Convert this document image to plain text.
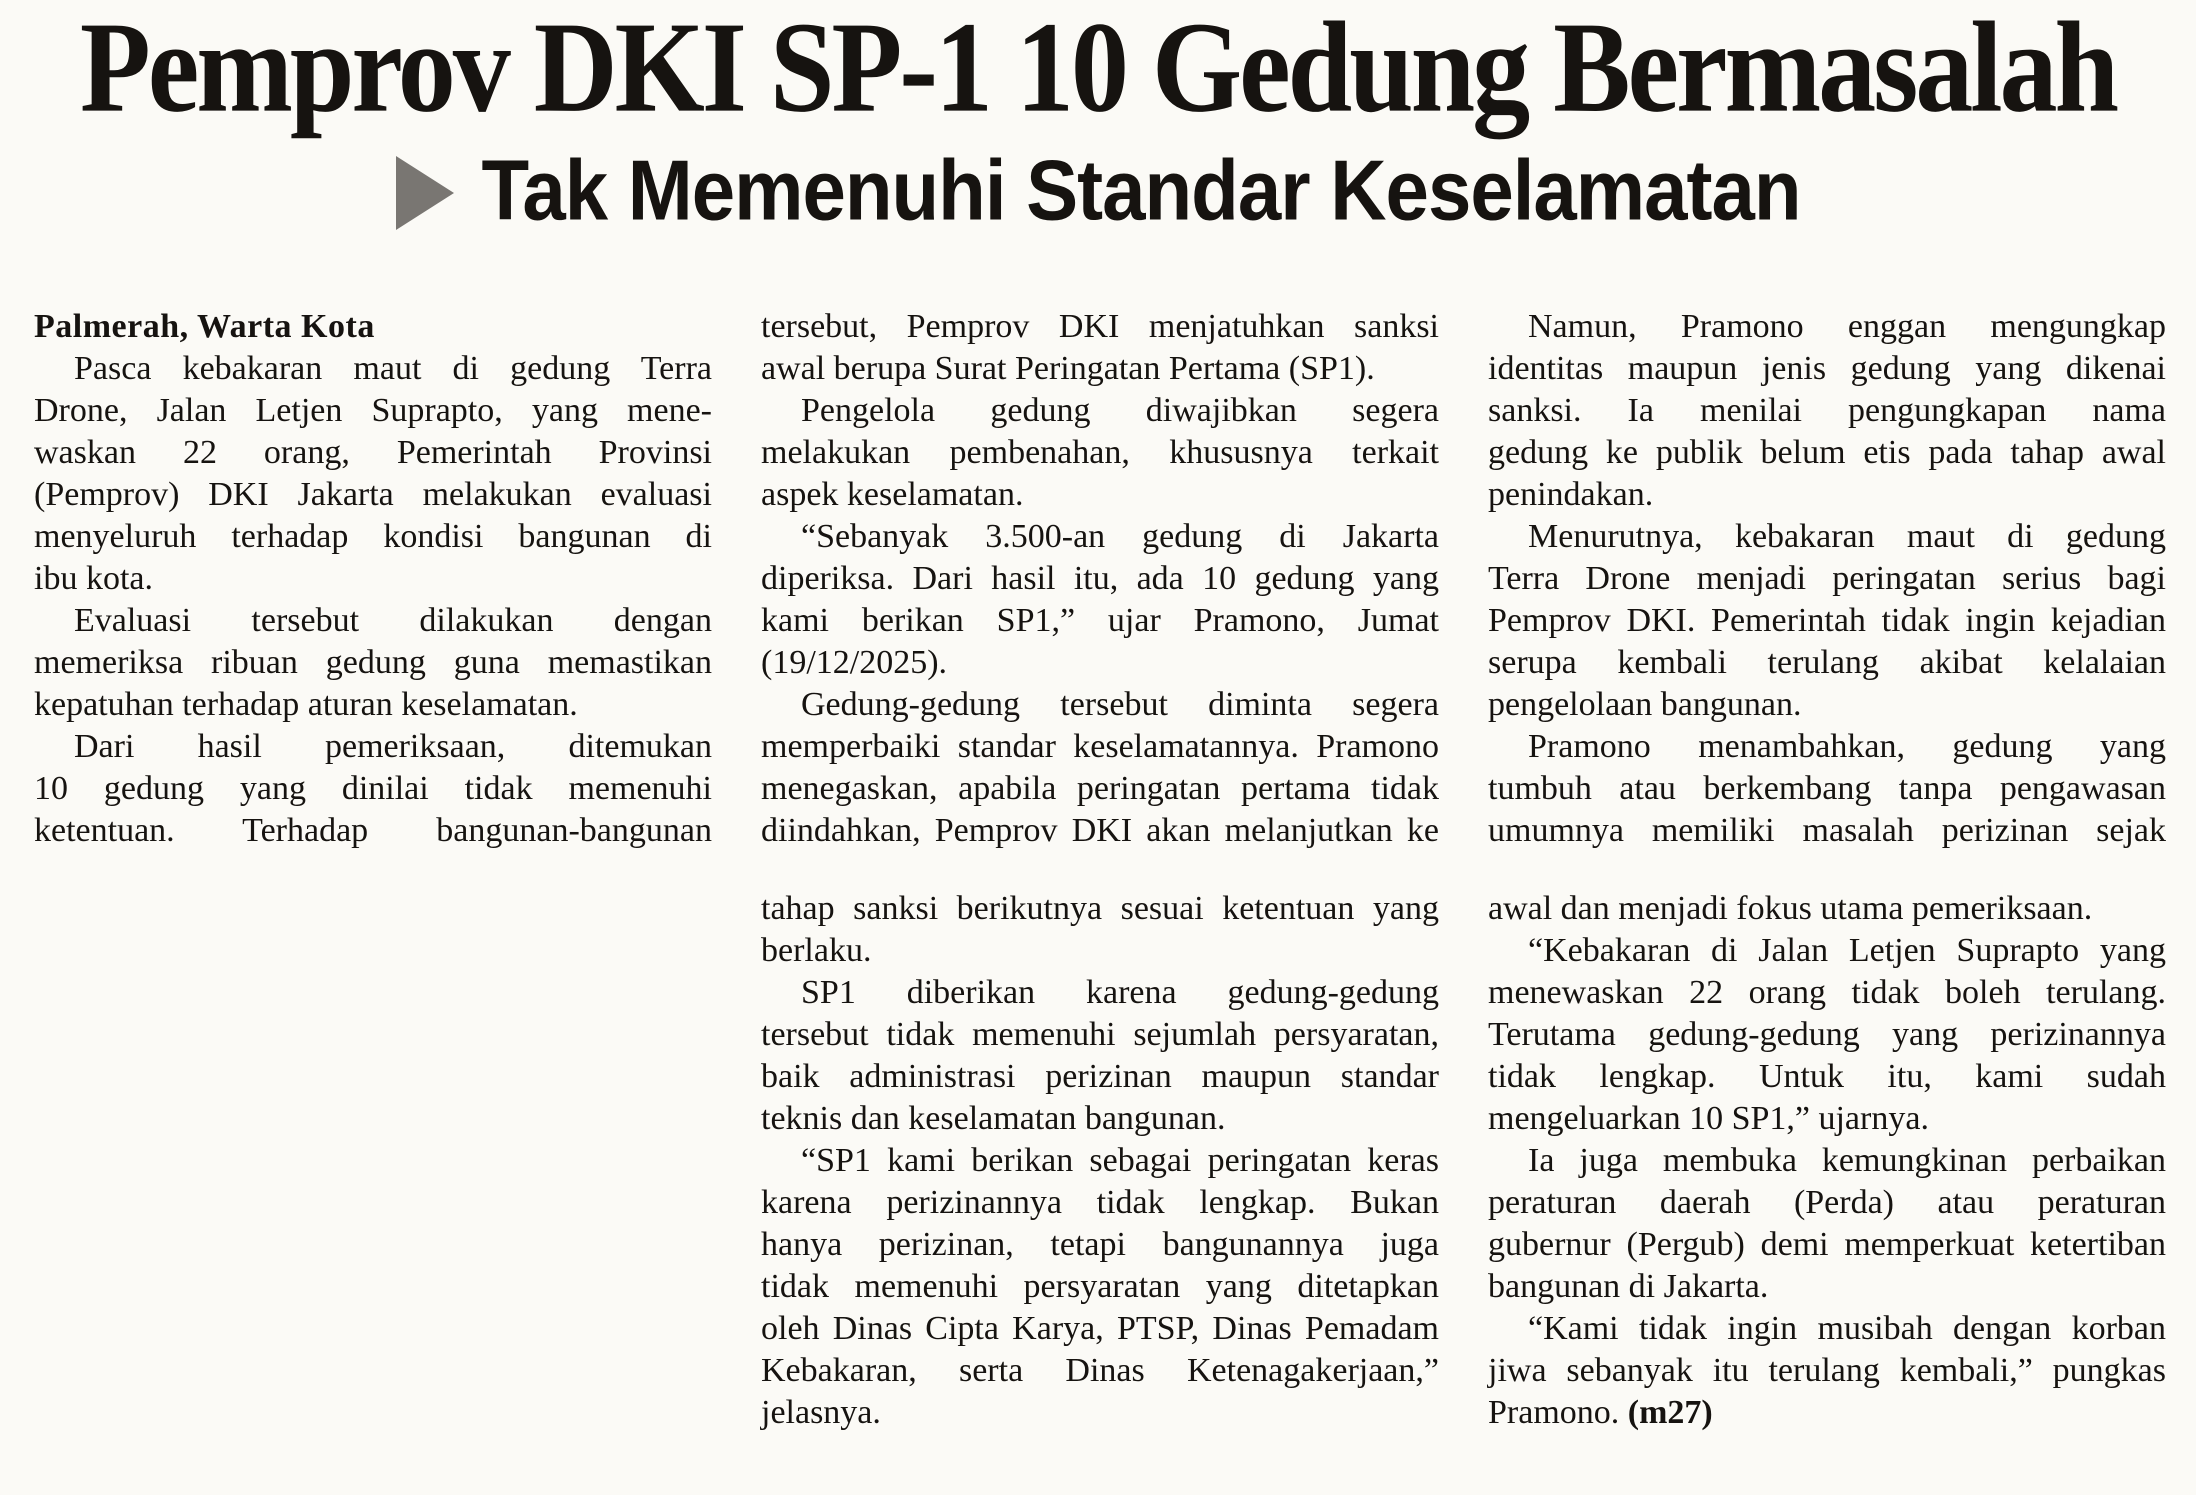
Pemprov DKI SP-1 10 Gedung Bermasalah
Tak Memenuhi Standar Keselamatan
Palmerah, Warta Kota
Pasca kebakaran maut di gedung Terra
Drone, Jalan Letjen Suprapto, yang mene-
waskan 22 orang, Pemerintah Provinsi
(Pemprov) DKI Jakarta melakukan evaluasi
menyeluruh terhadap kondisi bangunan di
ibu kota.
Evaluasi tersebut dilakukan dengan
memeriksa ribuan gedung guna memastikan
kepatuhan terhadap aturan keselamatan.
Dari hasil pemeriksaan, ditemukan
10 gedung yang dinilai tidak memenuhi
ketentuan. Terhadap bangunan-bangunan
tersebut, Pemprov DKI menjatuhkan sanksi
awal berupa Surat Peringatan Pertama (SP1).
Pengelola gedung diwajibkan segera
melakukan pembenahan, khususnya terkait
aspek keselamatan.
“Sebanyak 3.500-an gedung di Jakarta
diperiksa. Dari hasil itu, ada 10 gedung yang
kami berikan SP1,” ujar Pramono, Jumat
(19/12/2025).
Gedung-gedung tersebut diminta segera
memperbaiki standar keselamatannya. Pramono
menegaskan, apabila peringatan pertama tidak
diindahkan, Pemprov DKI akan melanjutkan ke
tahap sanksi berikutnya sesuai ketentuan yang
berlaku.
SP1 diberikan karena gedung-gedung
tersebut tidak memenuhi sejumlah persyaratan,
baik administrasi perizinan maupun standar
teknis dan keselamatan bangunan.
“SP1 kami berikan sebagai peringatan keras
karena perizinannya tidak lengkap. Bukan
hanya perizinan, tetapi bangunannya juga
tidak memenuhi persyaratan yang ditetapkan
oleh Dinas Cipta Karya, PTSP, Dinas Pemadam
Kebakaran, serta Dinas Ketenagakerjaan,”
jelasnya.
Namun, Pramono enggan mengungkap
identitas maupun jenis gedung yang dikenai
sanksi. Ia menilai pengungkapan nama
gedung ke publik belum etis pada tahap awal
penindakan.
Menurutnya, kebakaran maut di gedung
Terra Drone menjadi peringatan serius bagi
Pemprov DKI. Pemerintah tidak ingin kejadian
serupa kembali terulang akibat kelalaian
pengelolaan bangunan.
Pramono menambahkan, gedung yang
tumbuh atau berkembang tanpa pengawasan
umumnya memiliki masalah perizinan sejak
awal dan menjadi fokus utama pemeriksaan.
“Kebakaran di Jalan Letjen Suprapto yang
menewaskan 22 orang tidak boleh terulang.
Terutama gedung-gedung yang perizinannya
tidak lengkap. Untuk itu, kami sudah
mengeluarkan 10 SP1,” ujarnya.
Ia juga membuka kemungkinan perbaikan
peraturan daerah (Perda) atau peraturan
gubernur (Pergub) demi memperkuat ketertiban
bangunan di Jakarta.
“Kami tidak ingin musibah dengan korban
jiwa sebanyak itu terulang kembali,” pungkas
Pramono. (m27)
